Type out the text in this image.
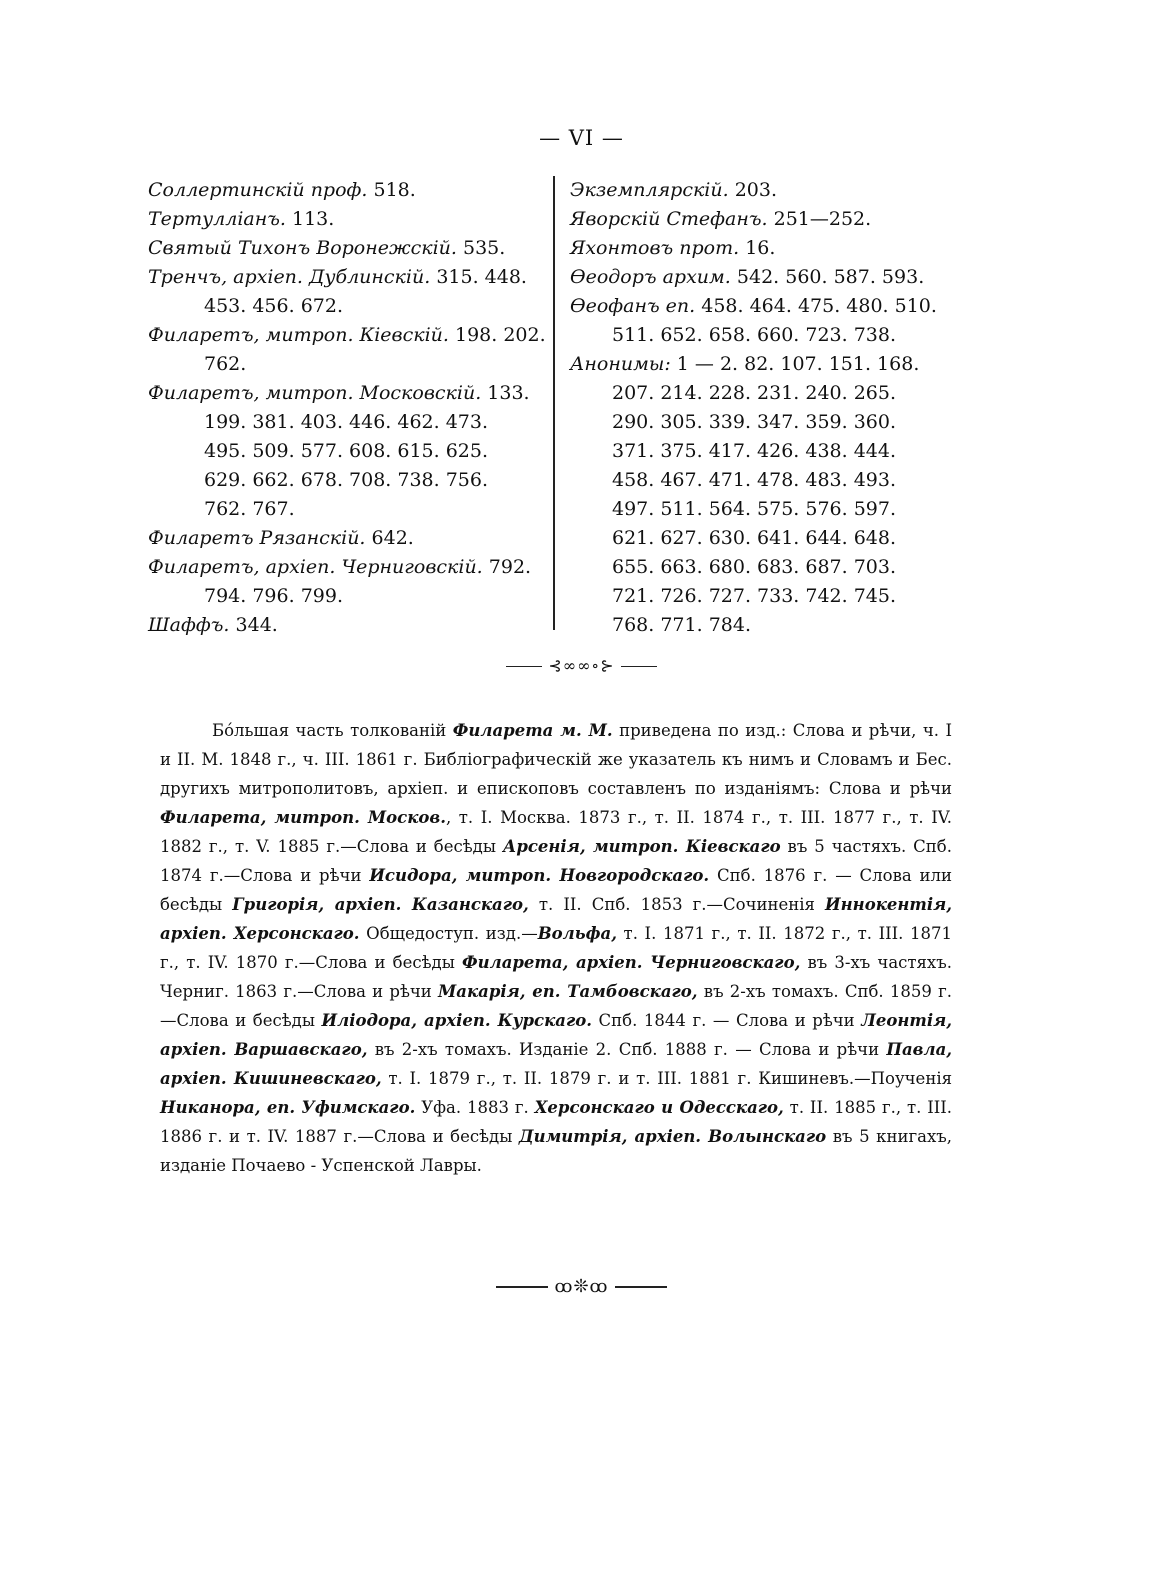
— VI —
Соллертинскій проф. 518.
Тертулліанъ. 113.
Святый Тихонъ Воронежскій. 535.
Тренчъ, архіеп. Дублинскій. 315. 448.
453. 456. 672.
Филаретъ, митроп. Кіевскій. 198. 202.
762.
Филаретъ, митроп. Московскій. 133.
199. 381. 403. 446. 462. 473.
495. 509. 577. 608. 615. 625.
629. 662. 678. 708. 738. 756.
762. 767.
Филаретъ Рязанскій. 642.
Филаретъ, архіеп. Черниговскій. 792.
794. 796. 799.
Шаффъ. 344.
Экземплярскій. 203.
Яворскій Стефанъ. 251—252.
Яхонтовъ прот. 16.
Ѳеодоръ архим. 542. 560. 587. 593.
Ѳеофанъ еп. 458. 464. 475. 480. 510.
511. 652. 658. 660. 723. 738.
Анонимы: 1 — 2. 82. 107. 151. 168.
207. 214. 228. 231. 240. 265.
290. 305. 339. 347. 359. 360.
371. 375. 417. 426. 438. 444.
458. 467. 471. 478. 483. 493.
497. 511. 564. 575. 576. 597.
621. 627. 630. 641. 644. 648.
655. 663. 680. 683. 687. 703.
721. 726. 727. 733. 742. 745.
768. 771. 784.
⊰∞∞∘⊱

Бо́льшая часть толкованій Филарета м. М. приведена по изд.: Слова и рѣчи, ч. I и II. М. 1848 г., ч. III. 1861 г. Библіографическій же указатель къ нимъ и Словамъ и Бес. другихъ митрополитовъ, архіеп. и епископовъ составленъ по изданіямъ: Слова и рѣчи Филарета, митроп. Москов., т. I. Москва. 1873 г., т. II. 1874 г., т. III. 1877 г., т. IV. 1882 г., т. V. 1885 г.—Слова и бесѣды Арсенія, митроп. Кіевскаго въ 5 частяхъ. Спб. 1874 г.—Слова и рѣчи Исидора, митроп. Новгородскаго. Спб. 1876 г. — Слова или бесѣды Григорія, архіеп. Казанскаго, т. II. Спб. 1853 г.—Сочиненія Иннокентія, архіеп. Херсонскаго. Общедоступ. изд.—Вольфа, т. I. 1871 г., т. II. 1872 г., т. III. 1871 г., т. IV. 1870 г.—Слова и бесѣды Филарета, архіеп. Черниговскаго, въ 3-хъ частяхъ. Черниг. 1863 г.—Слова и рѣчи Макарія, еп. Тамбовскаго, въ 2-хъ томахъ. Спб. 1859 г.—Слова и бесѣды Иліодора, архіеп. Курскаго. Спб. 1844 г. — Слова и рѣчи Леонтія, архіеп. Варшавскаго, въ 2-хъ томахъ. Изданіе 2. Спб. 1888 г. — Слова и рѣчи Павла, архіеп. Кишиневскаго, т. I. 1879 г., т. II. 1879 г. и т. III. 1881 г. Кишиневъ.—Поученія Никанора, еп. Уфимскаго. Уфа. 1883 г. Херсонскаго и Одесскаго, т. II. 1885 г., т. III. 1886 г. и т. IV. 1887 г.—Слова и бесѣды Димитрія, архіеп. Волынскаго въ 5 книгахъ, изданіе Почаево - Успенской Лавры.

ꝏ❊ꝏ
